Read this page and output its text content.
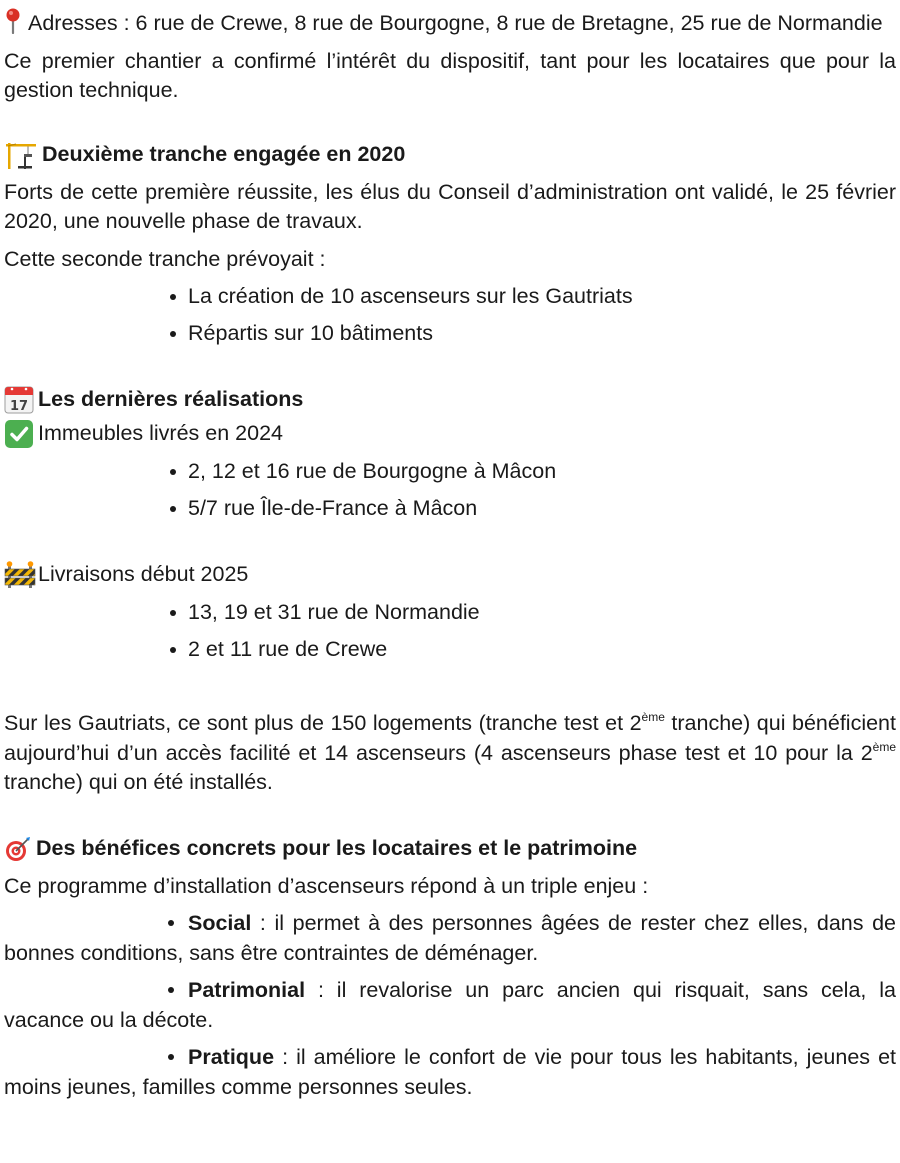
Adresses : 6 rue de Crewe, 8 rue de Bourgogne, 8 rue de Bretagne, 25 rue de Normandie

Ce premier chantier a confirmé l’intérêt du dispositif, tant pour les locataires que pour la gestion technique.

Deuxième tranche engagée en 2020

Forts de cette première réussite, les élus du Conseil d’administration ont validé, le 25 février 2020, une nouvelle phase de travaux.

Cette seconde tranche prévoyait :

La création de 10 ascenseurs sur les Gautriats
Répartis sur 10 bâtiments
17 Les dernières réalisations
Immeubles livrés en 2024
2, 12 et 16 rue de Bourgogne à Mâcon
5/7 rue Île-de-France à Mâcon
Livraisons début 2025
13, 19 et 31 rue de Normandie
2 et 11 rue de Crewe

Sur les Gautriats, ce sont plus de 150 logements (tranche test et 2ème tranche) qui bénéficient aujourd’hui d’un accès facilité et 14 ascenseurs (4 ascenseurs phase test et 10 pour la 2ème tranche) qui on été installés.

Des bénéfices concrets pour les locataires et le patrimoine

Ce programme d’installation d’ascenseurs répond à un triple enjeu :

Social : il permet à des personnes âgées de rester chez elles, dans de bonnes conditions, sans être contraintes de déménager.

Patrimonial : il revalorise un parc ancien qui risquait, sans cela, la vacance ou la décote.

Pratique : il améliore le confort de vie pour tous les habitants, jeunes et moins jeunes, familles comme personnes seules.
